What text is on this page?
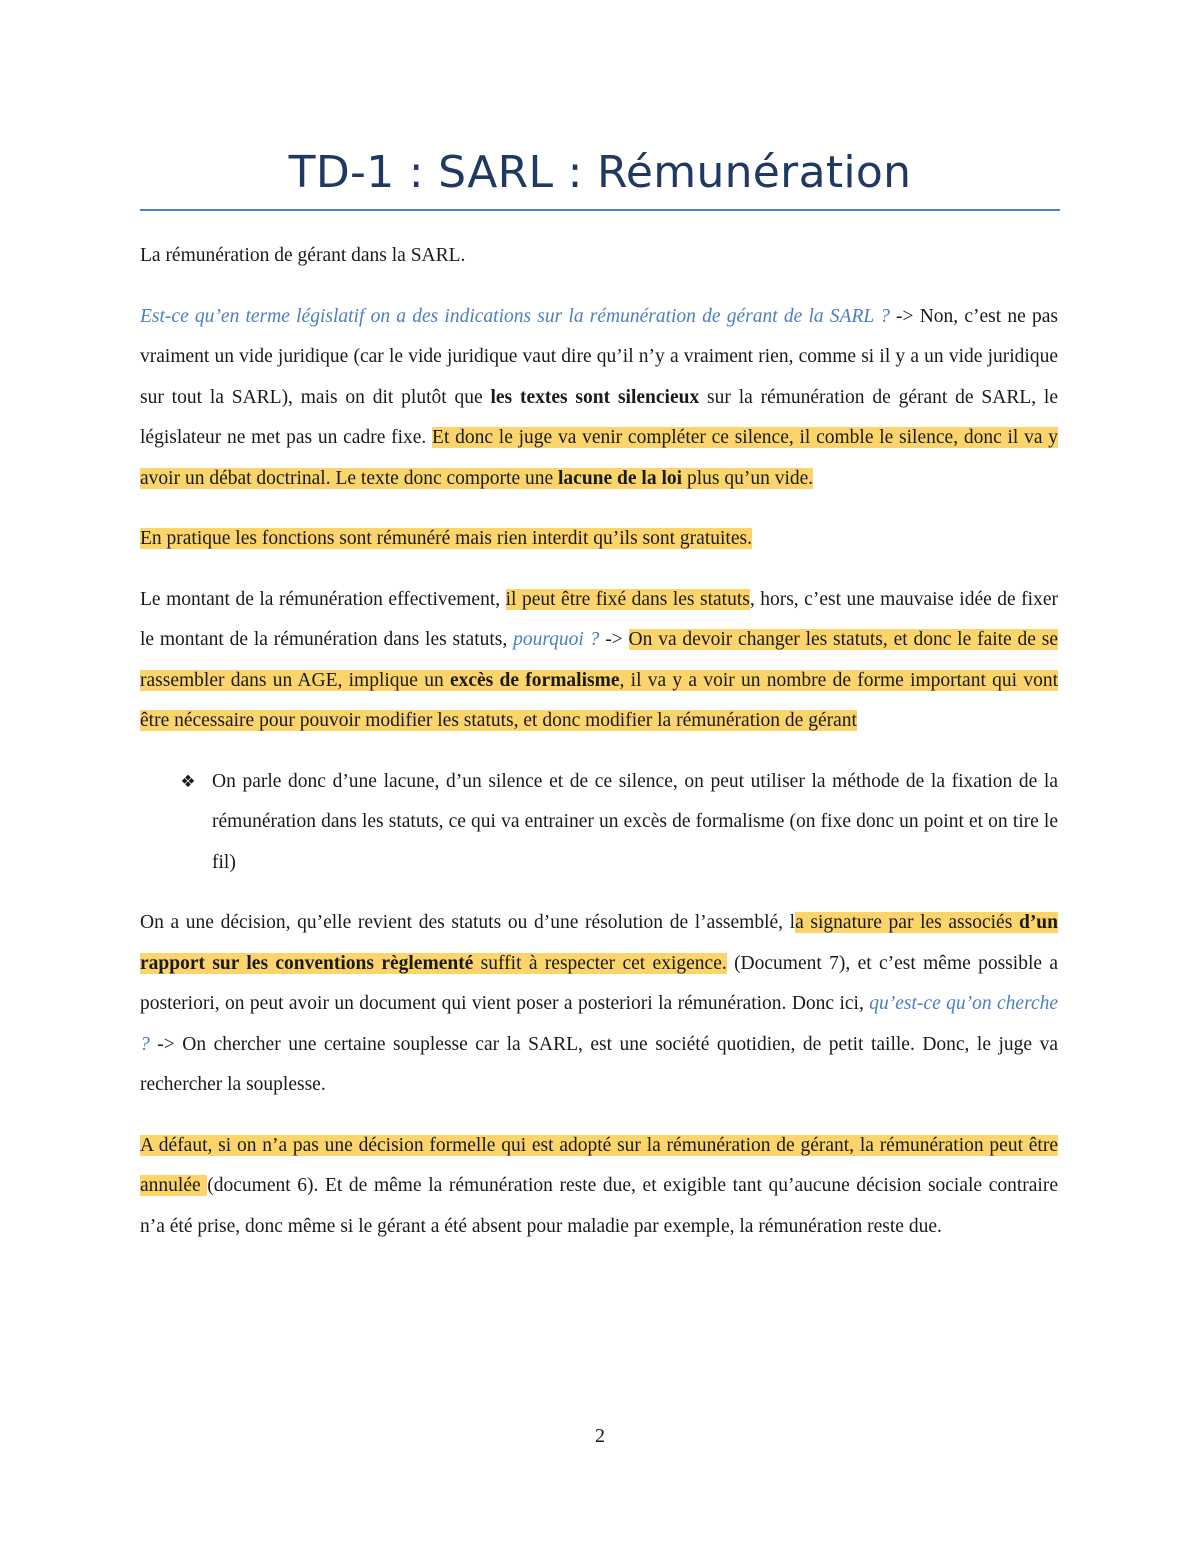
TD-1 : SARL : Rémunération

La rémunération de gérant dans la SARL.

Est-ce qu’en terme législatif on a des indications sur la rémunération de gérant de la SARL ? -> Non, c’est ne pas vraiment un vide juridique (car le vide juridique vaut dire qu’il n’y a vraiment rien, comme si il y a un vide juridique sur tout la SARL), mais on dit plutôt que les textes sont silencieux sur la rémunération de gérant de SARL, le législateur ne met pas un cadre fixe. Et donc le juge va venir compléter ce silence, il comble le silence, donc il va y avoir un débat doctrinal. Le texte donc comporte une lacune de la loi plus qu’un vide.

En pratique les fonctions sont rémunéré mais rien interdit qu’ils sont gratuites.

Le montant de la rémunération effectivement, il peut être fixé dans les statuts, hors, c’est une mauvaise idée de fixer le montant de la rémunération dans les statuts, pourquoi ? -> On va devoir changer les statuts, et donc le faite de se rassembler dans un AGE, implique un excès de formalisme, il va y a voir un nombre de forme important qui vont être nécessaire pour pouvoir modifier les statuts, et donc modifier la rémunération de gérant

❖ On parle donc d’une lacune, d’un silence et de ce silence, on peut utiliser la méthode de la fixation de la rémunération dans les statuts, ce qui va entrainer un excès de formalisme (on fixe donc un point et on tire le fil)

On a une décision, qu’elle revient des statuts ou d’une résolution de l’assemblé, la signature par les associés d’un rapport sur les conventions règlementé suffit à respecter cet exigence. (Document 7), et c’est même possible a posteriori, on peut avoir un document qui vient poser a posteriori la rémunération. Donc ici, qu’est-ce qu’on cherche ? -> On chercher une certaine souplesse car la SARL, est une société quotidien, de petit taille. Donc, le juge va rechercher la souplesse.

A défaut, si on n’a pas une décision formelle qui est adopté sur la rémunération de gérant, la rémunération peut être annulée (document 6). Et de même la rémunération reste due, et exigible tant qu’aucune décision sociale contraire n’a été prise, donc même si le gérant a été absent pour maladie par exemple, la rémunération reste due.

2
